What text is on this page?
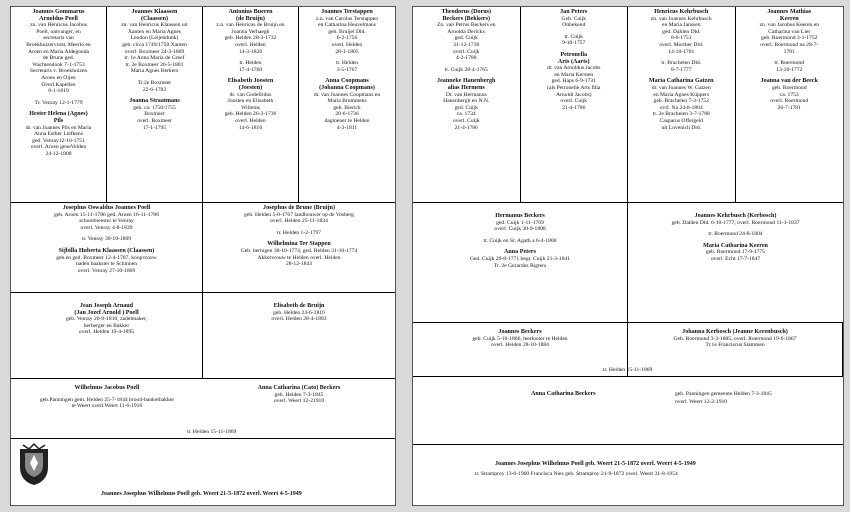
Joannes Gommarus
Arnoldus Poell
zn. van Henricus Jacobus
Poell, ontvanger, en
secretaris van
Broekhuizervorst, Meerlo en
Aroen en Maria Aldegonda
de Brune ged.
Wachtendonk 7-1-1753
Secretaris v. Broekhuizen
Aroen en Oijen
Overl.Kapellen
8-1-1819
Tr. Venray 12-1-1779
Hester Helena (Agnes)
Pils
dr. van Joannes Pils en Maria
Anna Esther Liefkens
ged. Venray12-10-1751
overl. Aroen geneVelden
24-12-1808
Joannes Klaassen
(Claassen)
zn. van Henricus Klaassen uit
Xanten en Maria Agnes
Leodon (Leijendonk)
geb. circa 1749/1750 Xanten
overl. Boxmeer 24-3-1809
tr. 1e Anna Maria de Greef
tr. 2e Boxmeer 26-5-1801
Maria Agnes Berkers
Tr.2e Boxmeer
22-6-1782
Joanna Straatmans
geb. ca. 1750/1755
Boxmeer
overl. Boxmeer
17-1-1795
Antonius Bueren
(de Bruijn)
z.n. van Henricus de Bruijn en
Joanna Verhaegh
geb. Helden 28-3-1732
overl. Helden
14-3-1826
tr. Helden
17-4-1760
Elisabeth Joosten
(Joesten)
dr. van Godefridus
Joosten en Elisabeth
Willems
geb. Helden 26-3-1736
overl. Helden
14-6-1816
Joannes Terstappen
z.n. van Carolus Terstappen
en Catharina Heuvelmans
geb. Bruijel Dld.
6-2-1756
overl. Helden
28-1-1805
tr. Helden
3-5-1767
Anna Coopmans
(Johanna Coopmans)
dr. van Joannes Coopmans en
Maria Brummens
geb. Bierick
20-6-1736
dagloener te Helden
4-3-1811
Josephus Oswaldus Joannes Poell
geb. Aroen 15-11-1786 ged. Aroen 16-11-1786
schoolmeester te Venray
overl. Venray 4-8-1839
tr. Venray 30-10-1809
Sijbilla Huberta Klaassen (Claassen)
geb.en ged. Boxmeer 12-4-1787, koopvrouw
naden baakster te Schinnen
overl. Venray 27-10-1869
Josephus de Brune (Bruijn)
geb. Helden 5-8-1767 landbouwer op de Vosberg
overl. Helden 25-11-1834
tr. Helden 1-2-1797
Wilhelmina Ter Stappen
Geb. beringen 30-10-1774, ged. Helden 31-10-1774
Akkervrouw te Helden overl. Helden
28-12-1843
Jean Joseph Arnaud
(Jan Jozef Arnold ) Poell
geb. Venray 20-9-1810, zadelmaker,
herberger en Bakker
overl. Helden 19-4-1895
Elisabeth de Bruijn
geb. Helden 24-6-1816
overl. Helden 28-4-1883
Wilhelmus Jacobus Poell
geb.Panningen gem. Helden 25-7-1844 brood-banketbakker
te Weert overl.Weert 11-6-1916
Anna Catharina (Cato) Beckers
geb. Helden 7-3-1845
overl. Weert 12-21910
tr. Helden 15-11-1869
Joannes Josephus Wilhelmus Poell geb. Weert 21-5-1872 overl. Weert 4-5-1949
Theodorus (Dorus)
Beckers (Bekkers)
Zn. van Petrus Beckers en
Arnolda Derickx
ged. Cuijk
31-12-1730
overl. Cuijk
4-2-1788
tr. Cuijk 28-4-1765
Jeanneke Hanenbergh
alias Hermens
Dr. van Hermanus
Hanenbergh en N.N.
ged. Cuijk
ca. 1734
overl. Cuijk
21-4-1786
Jan Peters
Geb. Cuijk
Onbekend
tr. Cuijk
9-10-1757
Petronella
Arts (Aarts)
dr. van Arnoldus Jacobs
en Maria Kersten
ged. Haps 6-9-1731
(als Petronelle Arts filia
Arnoldi Jacobs)
overl. Cuijk
21-4-1786
Henricus Kehrbusch
zn. van Joannes Kehrbusch
en Maria Janssen
ged. Dahlen Dld.
8-6-1751
overl. Morther Dld.
14-10-1781
tr. Brachelen Dld.
8-7-1777
Maria Catharina Gatzen
dr. van Joannes W. Gatzen
en Maria Agnes Küppers
geb. Brachelen 7-3-1752
ovrl. Na 24-8-1804
tr. 2e Brachelen 3-7-1788
Casparus Offergeld
uit Lovenich Dld.
Joannes Mathias
Keeren
zn. van Jacobus Keeren en
Catharina van Lier
geb. Roermond 3-1-1752
overl. Roermond na 28-7-
1781
tr. Roermond
13-10-1772
Joanna van der Beeck
geb. Roermond
ca. 1753
overl. Roermond
26-7-1781
Hermanus Beckers
ged. Cuijk 1-11-1769
overl. Cuijk 30-9-1808
tr. Cuijk en St. Agath a 6-4-1808
Anna Peters
Ged. Cuijk 26-8-1771 begr. Cuijk 21-3-1841
Tr. 2e Gerardus Rigters
Joannes Kehrbusch (Kerbosch)
geb. Dahlen Dld. 6-10-1777, overl. Roermond 11-1-1837
tr. Roermond 24-8-1804
Maria Catharina Keeren
geb. Roermond 17-9-1775
overl. Echt 17-7-1847
Joannes Beckers
geb. Cuijk 5-10-1806, leerlooier te Helden
overl. Helden 28-10-1884
Johanna Kerbosch (Jeanne Kerenbusch)
Geb. Roermond 3-3-1805, overl. Roermond 19-6-1867
Tr.1e Franciscus Stammen
tr. Helden 15-11-1869
Anna Catharina Beckers	geb. Panningen gemeente Helden 7-3-1845
overl. Weert 12-2-1910
Joannes Josephus Wilhelmus Poell geb. Weert 21-5-1872 overl. Weert 4-5-1949
tr. Stramproy 13-6-1900 Francisca Nies geb. Stramproy 21-9-1872 overl. Weert 31-8-1954
